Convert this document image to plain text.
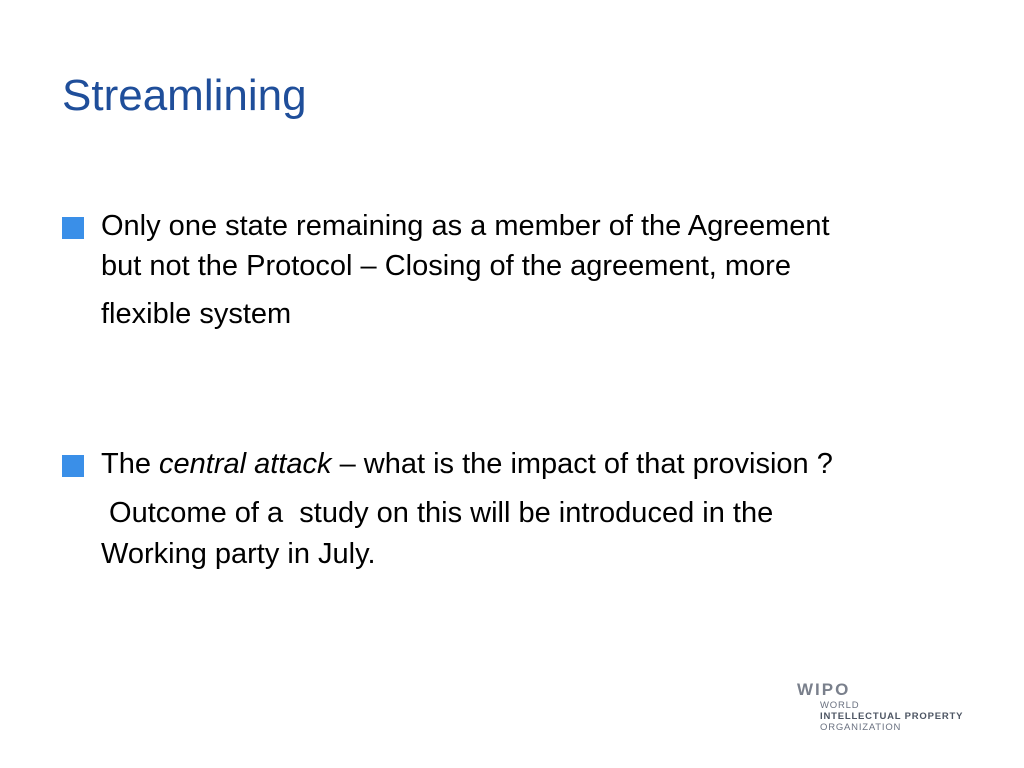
Streamlining
Only one state remaining as a member of the Agreement
but not the Protocol – Closing of the agreement, more
flexible system
The central attack – what is the impact of that provision ?
Outcome of a  study on this will be introduced in the
Working party in July.
WIPO
WORLD
INTELLECTUAL PROPERTY
ORGANIZATION
